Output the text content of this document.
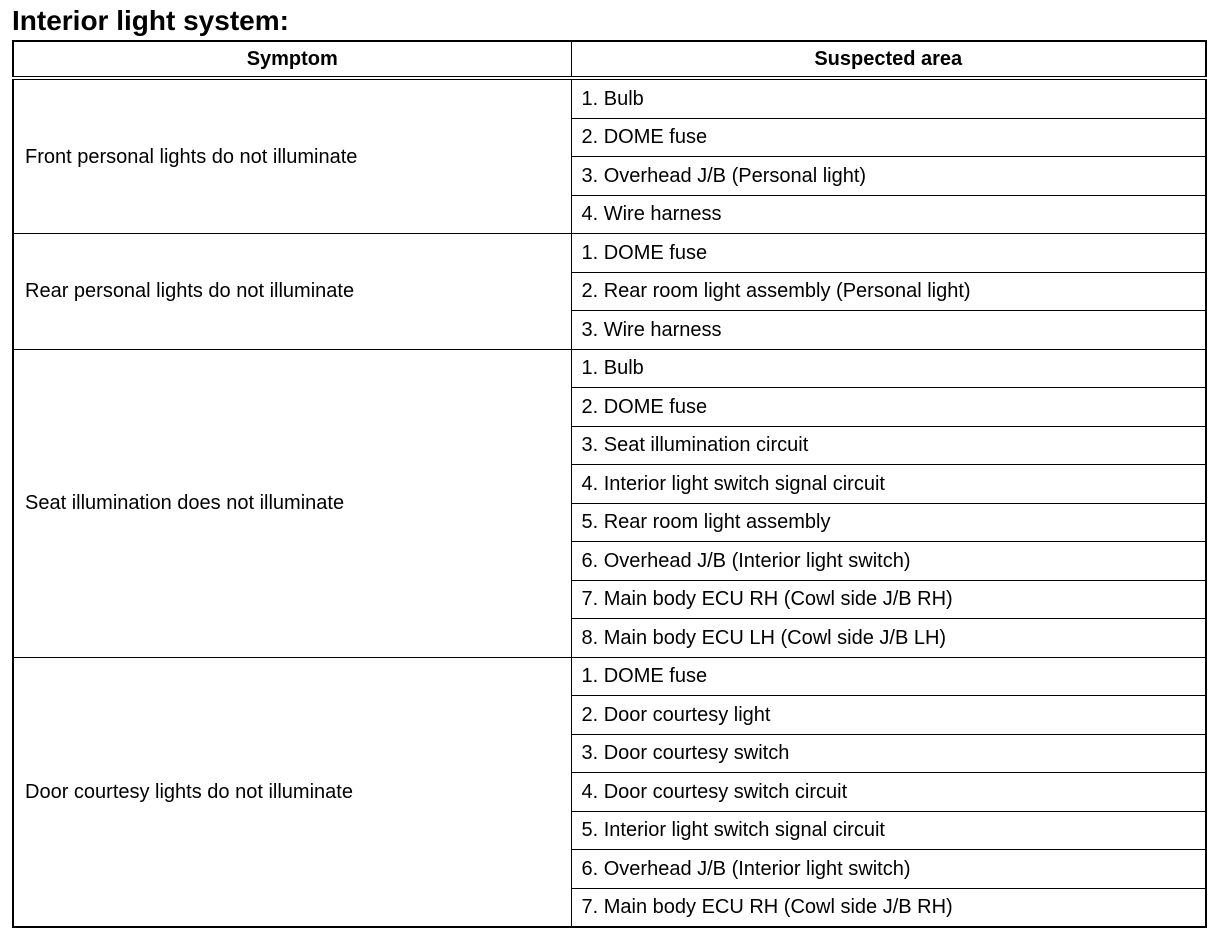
Interior light system:
Symptom	Suspected area
Front personal lights do not illuminate	1. Bulb
	2. DOME fuse
	3. Overhead J/B (Personal light)
	4. Wire harness
Rear personal lights do not illuminate	1. DOME fuse
	2. Rear room light assembly (Personal light)
	3. Wire harness
Seat illumination does not illuminate	1. Bulb
	2. DOME fuse
	3. Seat illumination circuit
	4. Interior light switch signal circuit
	5. Rear room light assembly
	6. Overhead J/B (Interior light switch)
	7. Main body ECU RH (Cowl side J/B RH)
	8. Main body ECU LH (Cowl side J/B LH)
Door courtesy lights do not illuminate	1. DOME fuse
	2. Door courtesy light
	3. Door courtesy switch
	4. Door courtesy switch circuit
	5. Interior light switch signal circuit
	6. Overhead J/B (Interior light switch)
	7. Main body ECU RH (Cowl side J/B RH)
